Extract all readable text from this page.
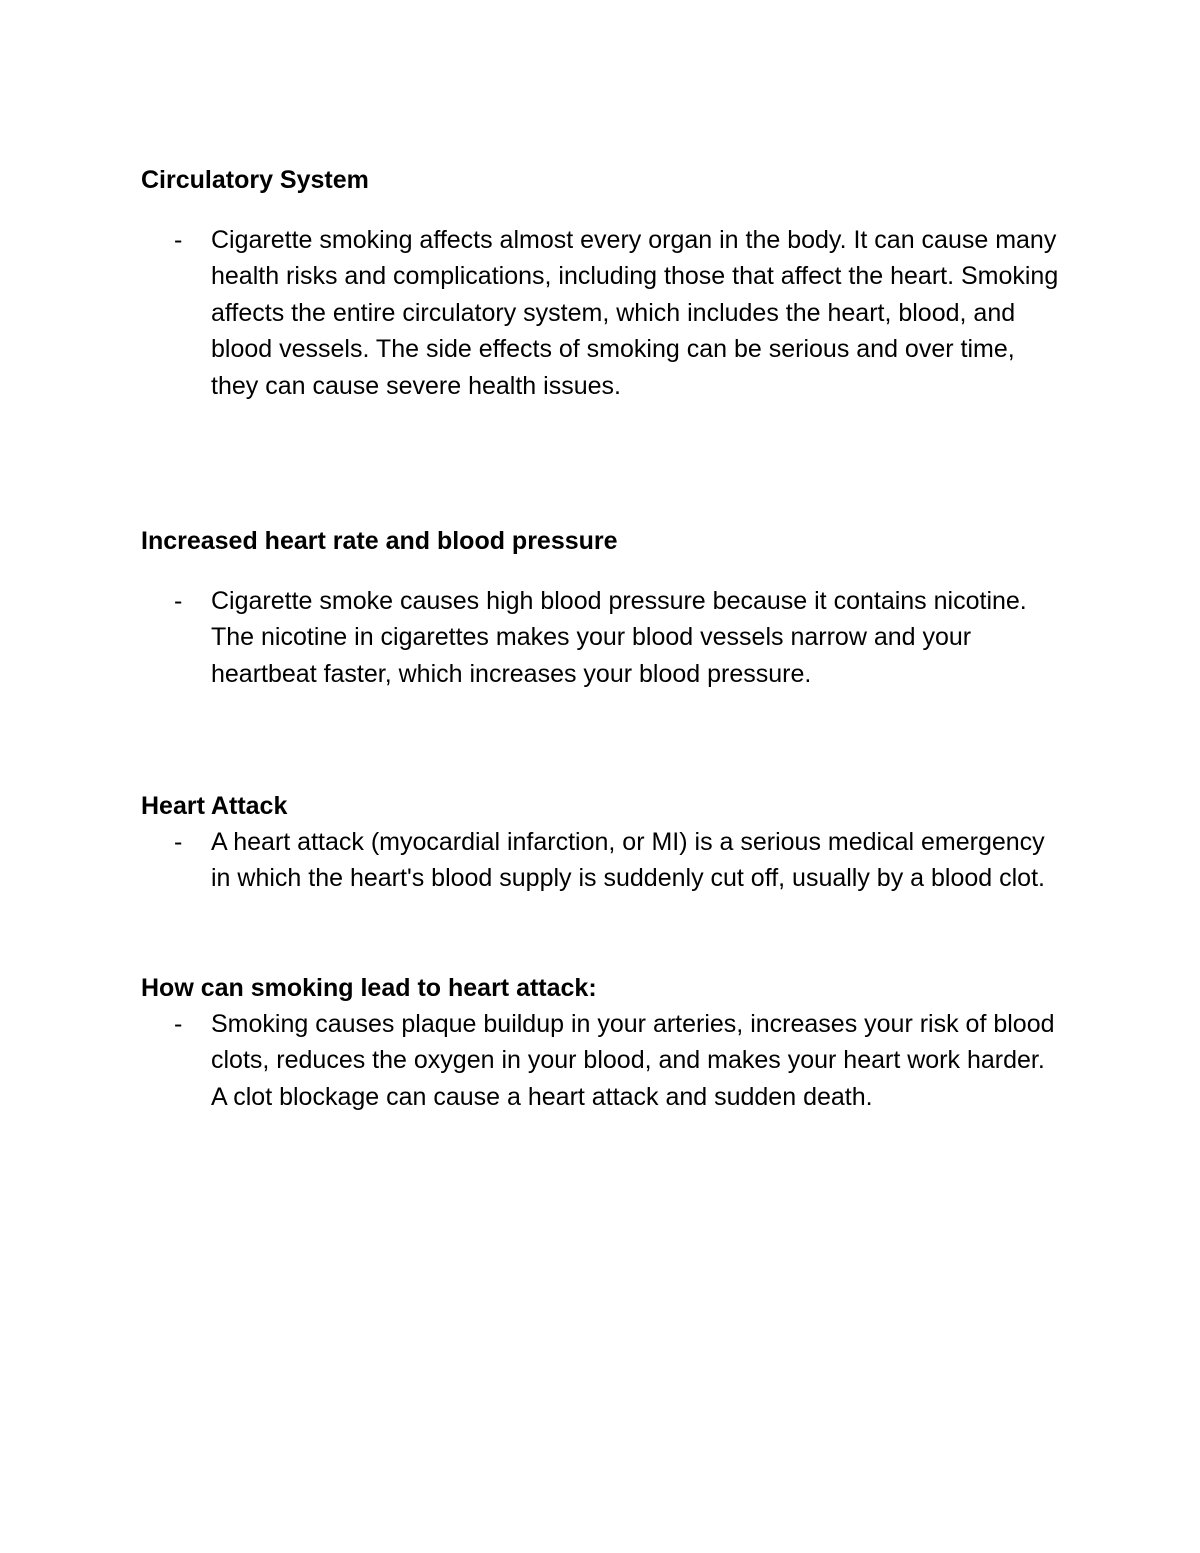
Circulatory System
- Cigarette smoking affects almost every organ in the body. It can cause many health risks and complications, including those that affect the heart. Smoking affects the entire circulatory system, which includes the heart, blood, and blood vessels. The side effects of smoking can be serious and over time, they can cause severe health issues.
Increased heart rate and blood pressure
- Cigarette smoke causes high blood pressure because it contains nicotine. The nicotine in cigarettes makes your blood vessels narrow and your heartbeat faster, which increases your blood pressure.
Heart Attack
- A heart attack (myocardial infarction, or MI) is a serious medical emergency in which the heart's blood supply is suddenly cut off, usually by a blood clot.
How can smoking lead to heart attack:
- Smoking causes plaque buildup in your arteries, increases your risk of blood clots, reduces the oxygen in your blood, and makes your heart work harder. A clot blockage can cause a heart attack and sudden death.
